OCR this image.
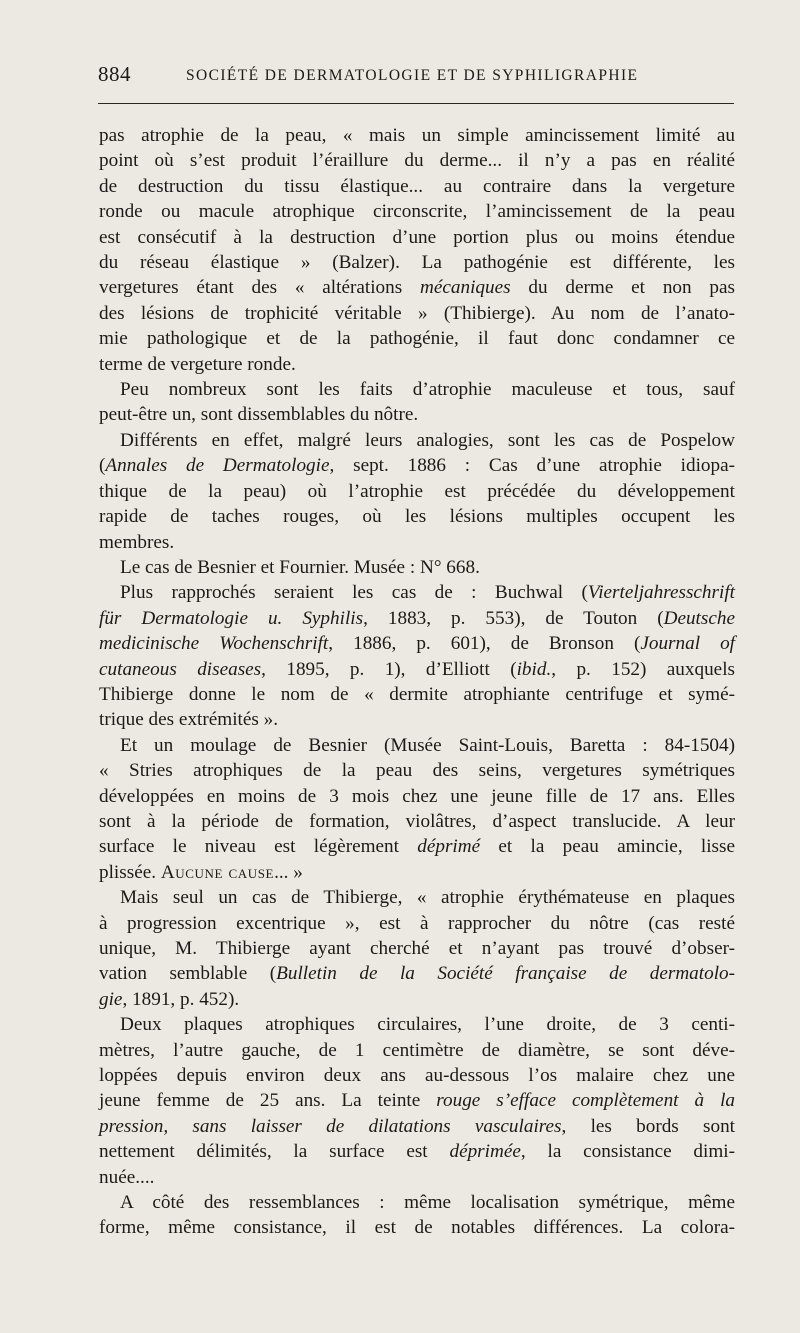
884	SOCIÉTÉ DE DERMATOLOGIE ET DE SYPHILIGRAPHIE
pas atrophie de la peau, « mais un simple amincissement limité au
point où s’est produit l’éraillure du derme... il n’y a pas en réalité
de destruction du tissu élastique... au contraire dans la vergeture
ronde ou macule atrophique circonscrite, l’amincissement de la peau
est consécutif à la destruction d’une portion plus ou moins étendue
du réseau élastique » (Balzer). La pathogénie est différente, les
vergetures étant des « altérations mécaniques du derme et non pas
des lésions de trophicité véritable » (Thibierge). Au nom de l’anato-
mie pathologique et de la pathogénie, il faut donc condamner ce
terme de vergeture ronde.
Peu nombreux sont les faits d’atrophie maculeuse et tous, sauf
peut-être un, sont dissemblables du nôtre.
Différents en effet, malgré leurs analogies, sont les cas de Pospelow
(Annales de Dermatologie, sept. 1886 : Cas d’une atrophie idiopa-
thique de la peau) où l’atrophie est précédée du développement
rapide de taches rouges, où les lésions multiples occupent les
membres.
Le cas de Besnier et Fournier. Musée : N° 668.
Plus rapprochés seraient les cas de : Buchwal (Vierteljahresschrift
für Dermatologie u. Syphilis, 1883, p. 553), de Touton (Deutsche
medicinische Wochenschrift, 1886, p. 601), de Bronson (Journal of
cutaneous diseases, 1895, p. 1), d’Elliott (ibid., p. 152) auxquels
Thibierge donne le nom de « dermite atrophiante centrifuge et symé-
trique des extrémités ».
Et un moulage de Besnier (Musée Saint-Louis, Baretta : 84-1504)
« Stries atrophiques de la peau des seins, vergetures symétriques
développées en moins de 3 mois chez une jeune fille de 17 ans. Elles
sont à la période de formation, violâtres, d’aspect translucide. A leur
surface le niveau est légèrement déprimé et la peau amincie, lisse
plissée. Aucune cause... »
Mais seul un cas de Thibierge, « atrophie érythémateuse en plaques
à progression excentrique », est à rapprocher du nôtre (cas resté
unique, M. Thibierge ayant cherché et n’ayant pas trouvé d’obser-
vation semblable (Bulletin de la Société française de dermatolo-
gie, 1891, p. 452).
Deux plaques atrophiques circulaires, l’une droite, de 3 centi-
mètres, l’autre gauche, de 1 centimètre de diamètre, se sont déve-
loppées depuis environ deux ans au-dessous l’os malaire chez une
jeune femme de 25 ans. La teinte rouge s’efface complètement à la
pression, sans laisser de dilatations vasculaires, les bords sont
nettement délimités, la surface est déprimée, la consistance dimi-
nuée....
A côté des ressemblances : même localisation symétrique, même
forme, même consistance, il est de notables différences. La colora-
